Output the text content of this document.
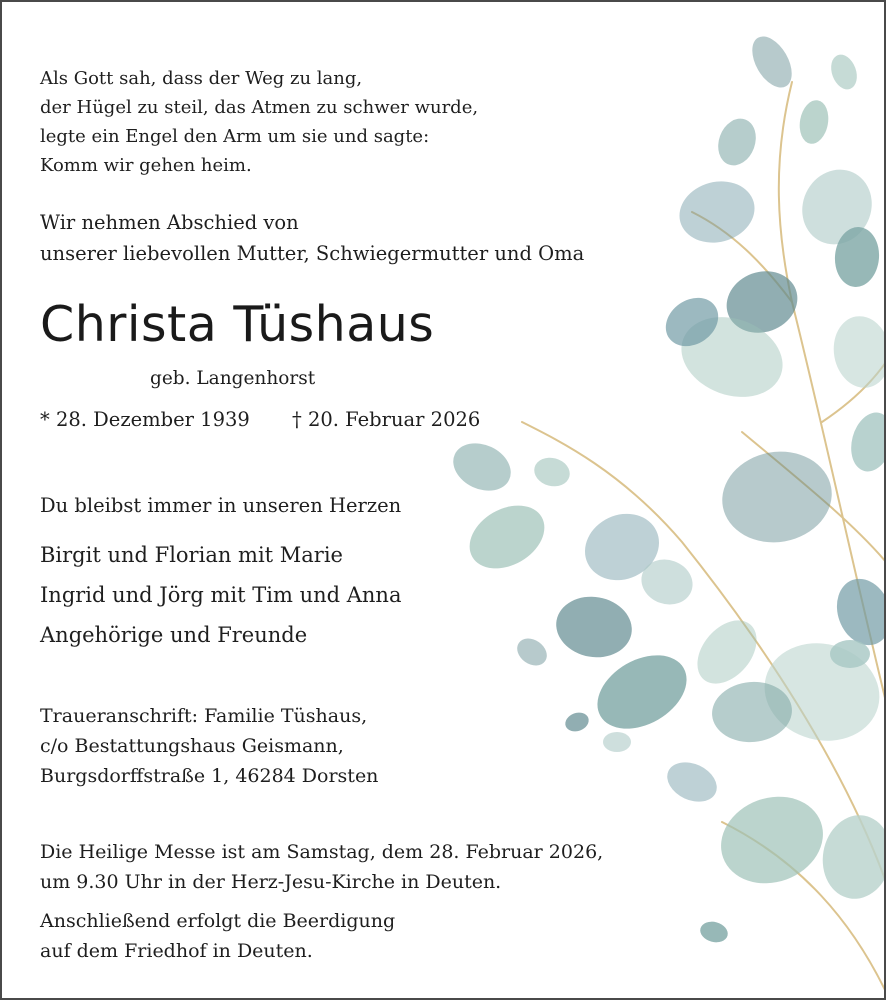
Als Gott sah, dass der Weg zu lang,
der Hügel zu steil, das Atmen zu schwer wurde,
legte ein Engel den Arm um sie und sagte:
Komm wir gehen heim.

Wir nehmen Abschied von
unserer liebevollen Mutter, Schwiegermutter und Oma

Christa Tüshaus

geb. Langenhorst

* 28. Dezember 1939 † 20. Februar 2026

Du bleibst immer in unseren Herzen

Birgit und Florian mit Marie
Ingrid und Jörg mit Tim und Anna
Angehörige und Freunde

Traueranschrift: Familie Tüshaus,
c/o Bestattungshaus Geismann,
Burgsdorffstraße 1, 46284 Dorsten

Die Heilige Messe ist am Samstag, dem 28. Februar 2026,
um 9.30 Uhr in der Herz-Jesu-Kirche in Deuten.

Anschließend erfolgt die Beerdigung
auf dem Friedhof in Deuten.
